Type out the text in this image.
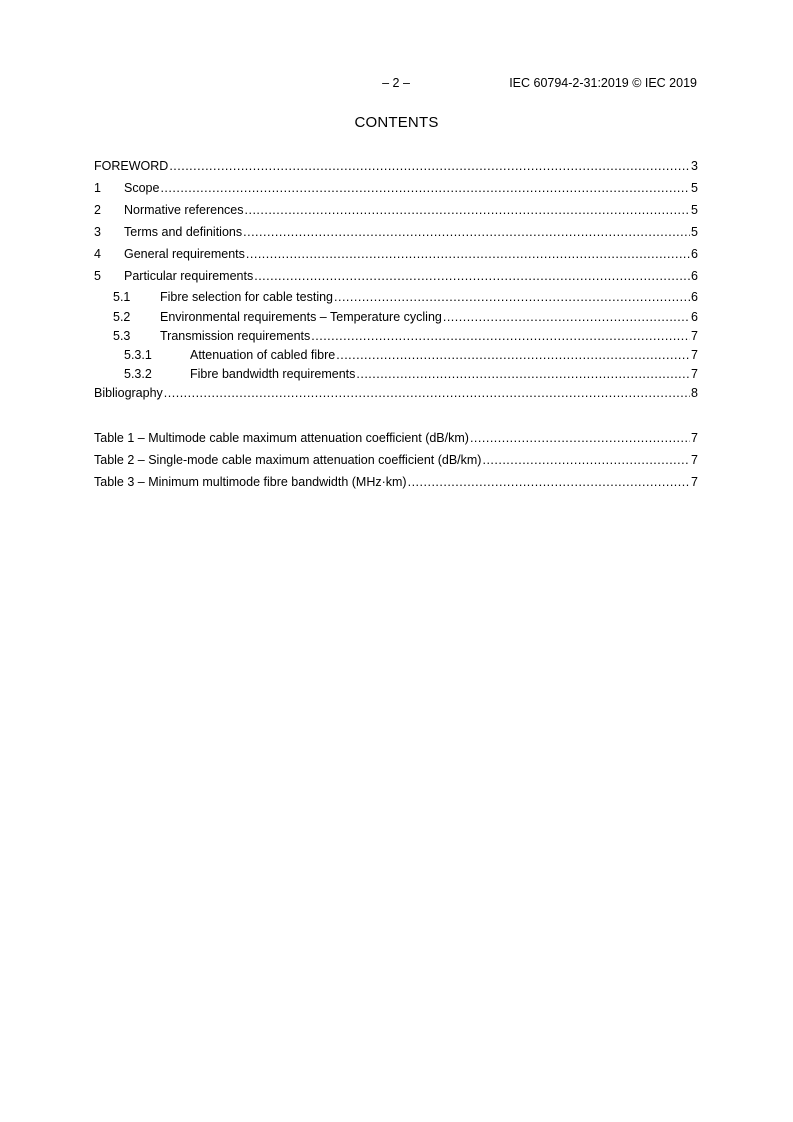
– 2 –	IEC 60794-2-31:2019 © IEC 2019
CONTENTS
FOREWORD .....	3
1	Scope .....	5
2	Normative references .....	5
3	Terms and definitions .....	5
4	General requirements .....	6
5	Particular requirements .....	6
5.1	Fibre selection for cable testing .....	6
5.2	Environmental requirements – Temperature cycling .....	6
5.3	Transmission requirements .....	7
5.3.1	Attenuation of cabled fibre .....	7
5.3.2	Fibre bandwidth requirements .....	7
Bibliography .....	8
Table 1 – Multimode cable maximum attenuation coefficient (dB/km) .....	7
Table 2 – Single-mode cable maximum attenuation coefficient (dB/km) .....	7
Table 3 – Minimum multimode fibre bandwidth (MHz·km) .....	7
